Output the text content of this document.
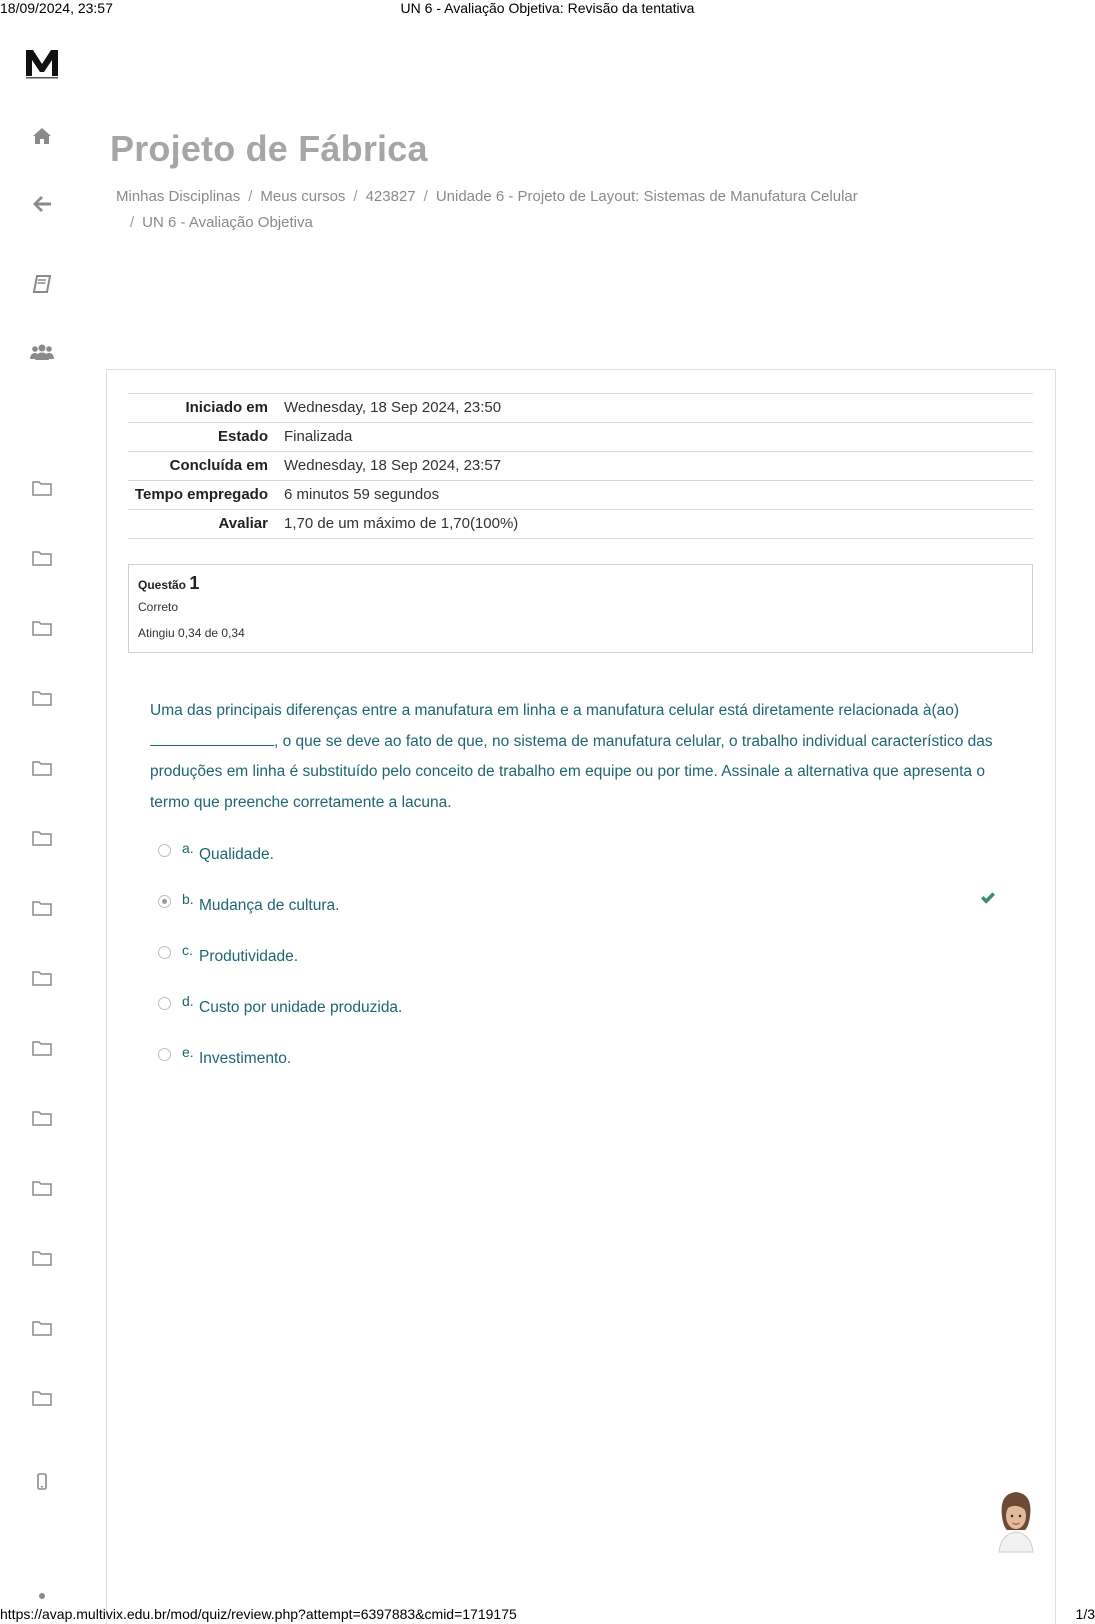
18/09/2024, 23:57	UN 6 - Avaliação Objetiva: Revisão da tentativa
Projeto de Fábrica
Minhas Disciplinas / Meus cursos / 423827 / Unidade 6 - Projeto de Layout: Sistemas de Manufatura Celular
/ UN 6 - Avaliação Objetiva
Iniciado em	Wednesday, 18 Sep 2024, 23:50
Estado	Finalizada
Concluída em	Wednesday, 18 Sep 2024, 23:57
Tempo empregado	6 minutos 59 segundos
Avaliar	1,70 de um máximo de 1,70(100%)
Questão 1
Correto
Atingiu 0,34 de 0,34
Uma das principais diferenças entre a manufatura em linha e a manufatura celular está diretamente relacionada à(ao) , o que se deve ao fato de que, no sistema de manufatura celular, o trabalho individual característico das produções em linha é substituído pelo conceito de trabalho em equipe ou por time. Assinale a alternativa que apresenta o termo que preenche corretamente a lacuna.
a. Qualidade.
b. Mudança de cultura.
c. Produtividade.
d. Custo por unidade produzida.
e. Investimento.
https://avap.multivix.edu.br/mod/quiz/review.php?attempt=6397883&cmid=1719175	1/3
